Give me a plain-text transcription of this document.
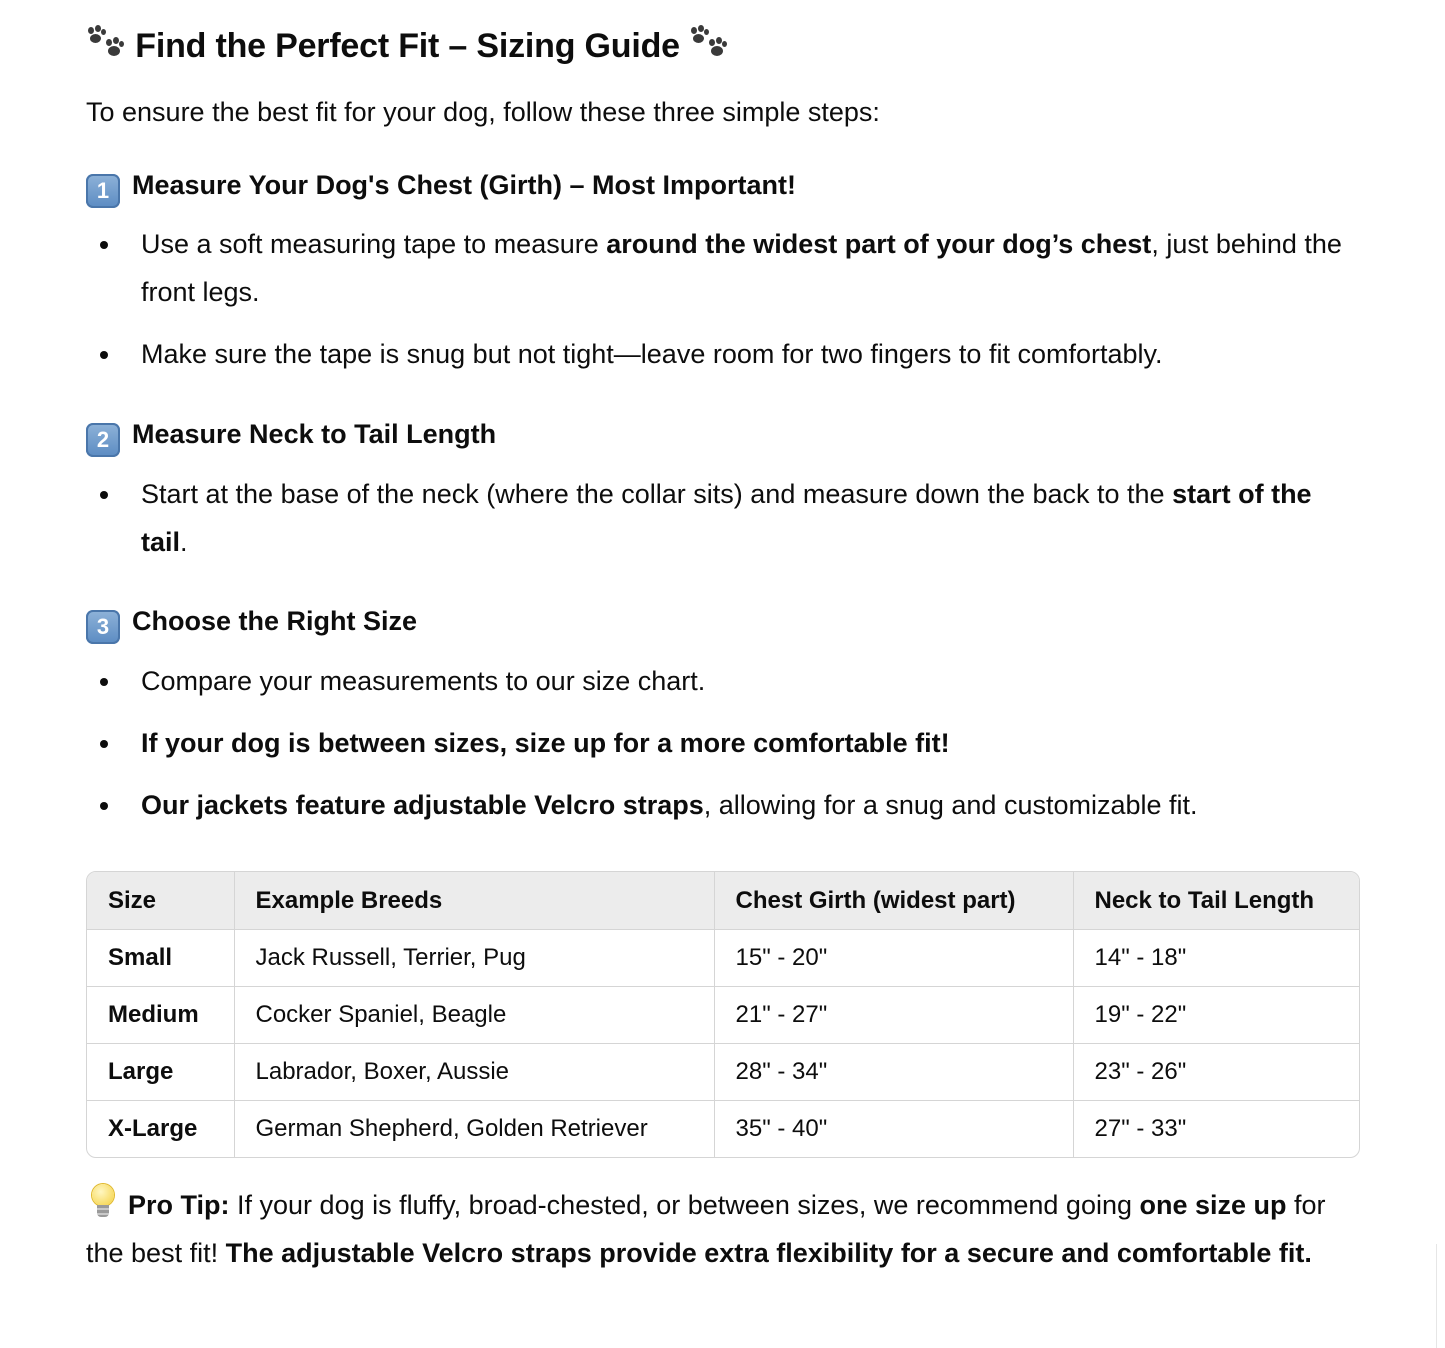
Find the Perfect Fit – Sizing Guide
To ensure the best fit for your dog, follow these three simple steps:
1 Measure Your Dog's Chest (Girth) – Most Important!
Use a soft measuring tape to measure around the widest part of your dog’s chest, just behind the front legs.
Make sure the tape is snug but not tight—leave room for two fingers to fit comfortably.
2 Measure Neck to Tail Length
Start at the base of the neck (where the collar sits) and measure down the back to the start of the tail.
3 Choose the Right Size
Compare your measurements to our size chart.
If your dog is between sizes, size up for a more comfortable fit!
Our jackets feature adjustable Velcro straps, allowing for a snug and customizable fit.
Size	Example Breeds	Chest Girth (widest part)	Neck to Tail Length
Small	Jack Russell, Terrier, Pug	15" - 20"	14" - 18"
Medium	Cocker Spaniel, Beagle	21" - 27"	19" - 22"
Large	Labrador, Boxer, Aussie	28" - 34"	23" - 26"
X-Large	German Shepherd, Golden Retriever	35" - 40"	27" - 33"
Pro Tip: If your dog is fluffy, broad-chested, or between sizes, we recommend going one size up for the best fit! The adjustable Velcro straps provide extra flexibility for a secure and comfortable fit.
